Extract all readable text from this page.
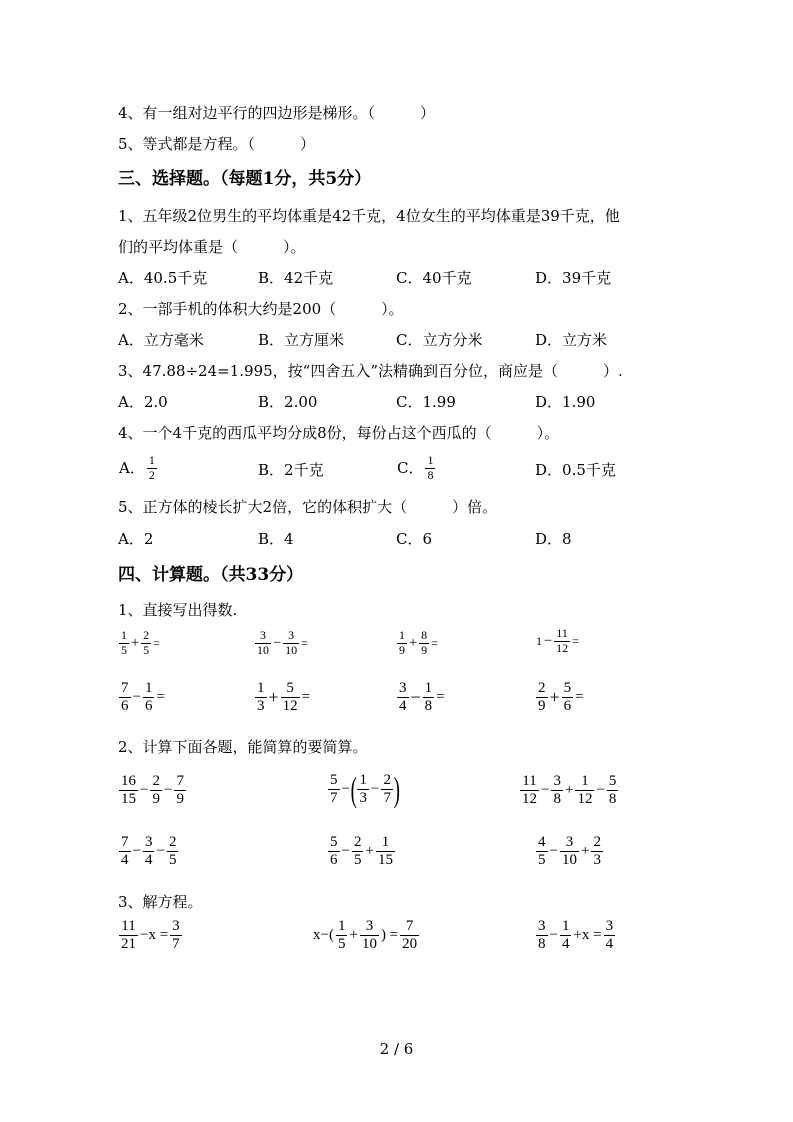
4、有一组对边平行的四边形是梯形。（　　　）
5、等式都是方程。（　　　）
三、选择题。（每题1分，共5分）
1、五年级2位男生的平均体重是42千克，4位女生的平均体重是39千克，他
们的平均体重是（　　　）。
A．40.5千克	B．42千克	C．40千克	D．39千克
2、一部手机的体积大约是200（　　　）。
A．立方毫米	B．立方厘米	C．立方分米	D．立方米
3、47.88÷24=1.995，按“四舍五入”法精确到百分位，商应是（　　　）.
A．2.0	B．2.00	C．1.99	D．1.90
4、一个4千克的西瓜平均分成8份，每份占这个西瓜的（　　　）。
A． $\frac{1}{2}$	B．2千克	C． $\frac{1}{8}$	D．0.5千克
5、正方体的棱长扩大2倍，它的体积扩大（　　　）倍。
A．2	B．4	C．6	D．8
四、计算题。（共33分）
1、直接写出得数.
$\frac{1}{5} + \frac{2}{5}$ =	$\frac{3}{10} - \frac{3}{10}$ =	$\frac{1}{9} + \frac{8}{9}$ =	$1 - \frac{11}{12}$ =
$\frac{7}{6} - \frac{1}{6}$ =	$\frac{1}{3} + \frac{5}{12}$ =	$\frac{3}{4} - \frac{1}{8}$ =	$\frac{2}{9} + \frac{5}{6}$ =
2、计算下面各题，能简算的要简算。
$\frac{16}{15} - \frac{2}{9} - \frac{7}{9}$	$\frac{5}{7}$ −( $\frac{1}{3} - \frac{2}{7}$ )	$\frac{11}{12} - \frac{3}{8} + \frac{1}{12} - \frac{5}{8}$
$\frac{7}{4} - \frac{3}{4} - \frac{2}{5}$	$\frac{5}{6} - \frac{2}{5} + \frac{1}{15}$	$\frac{4}{5} - \frac{3}{10} + \frac{2}{3}$
3、解方程。
$\frac{11}{21} -x = \frac{3}{7}$	$x-( \frac{1}{5} + \frac{3}{10}$ ) = $\frac{7}{20}$	$\frac{3}{8} - \frac{1}{4} +x = \frac{3}{4}$
2 / 6
